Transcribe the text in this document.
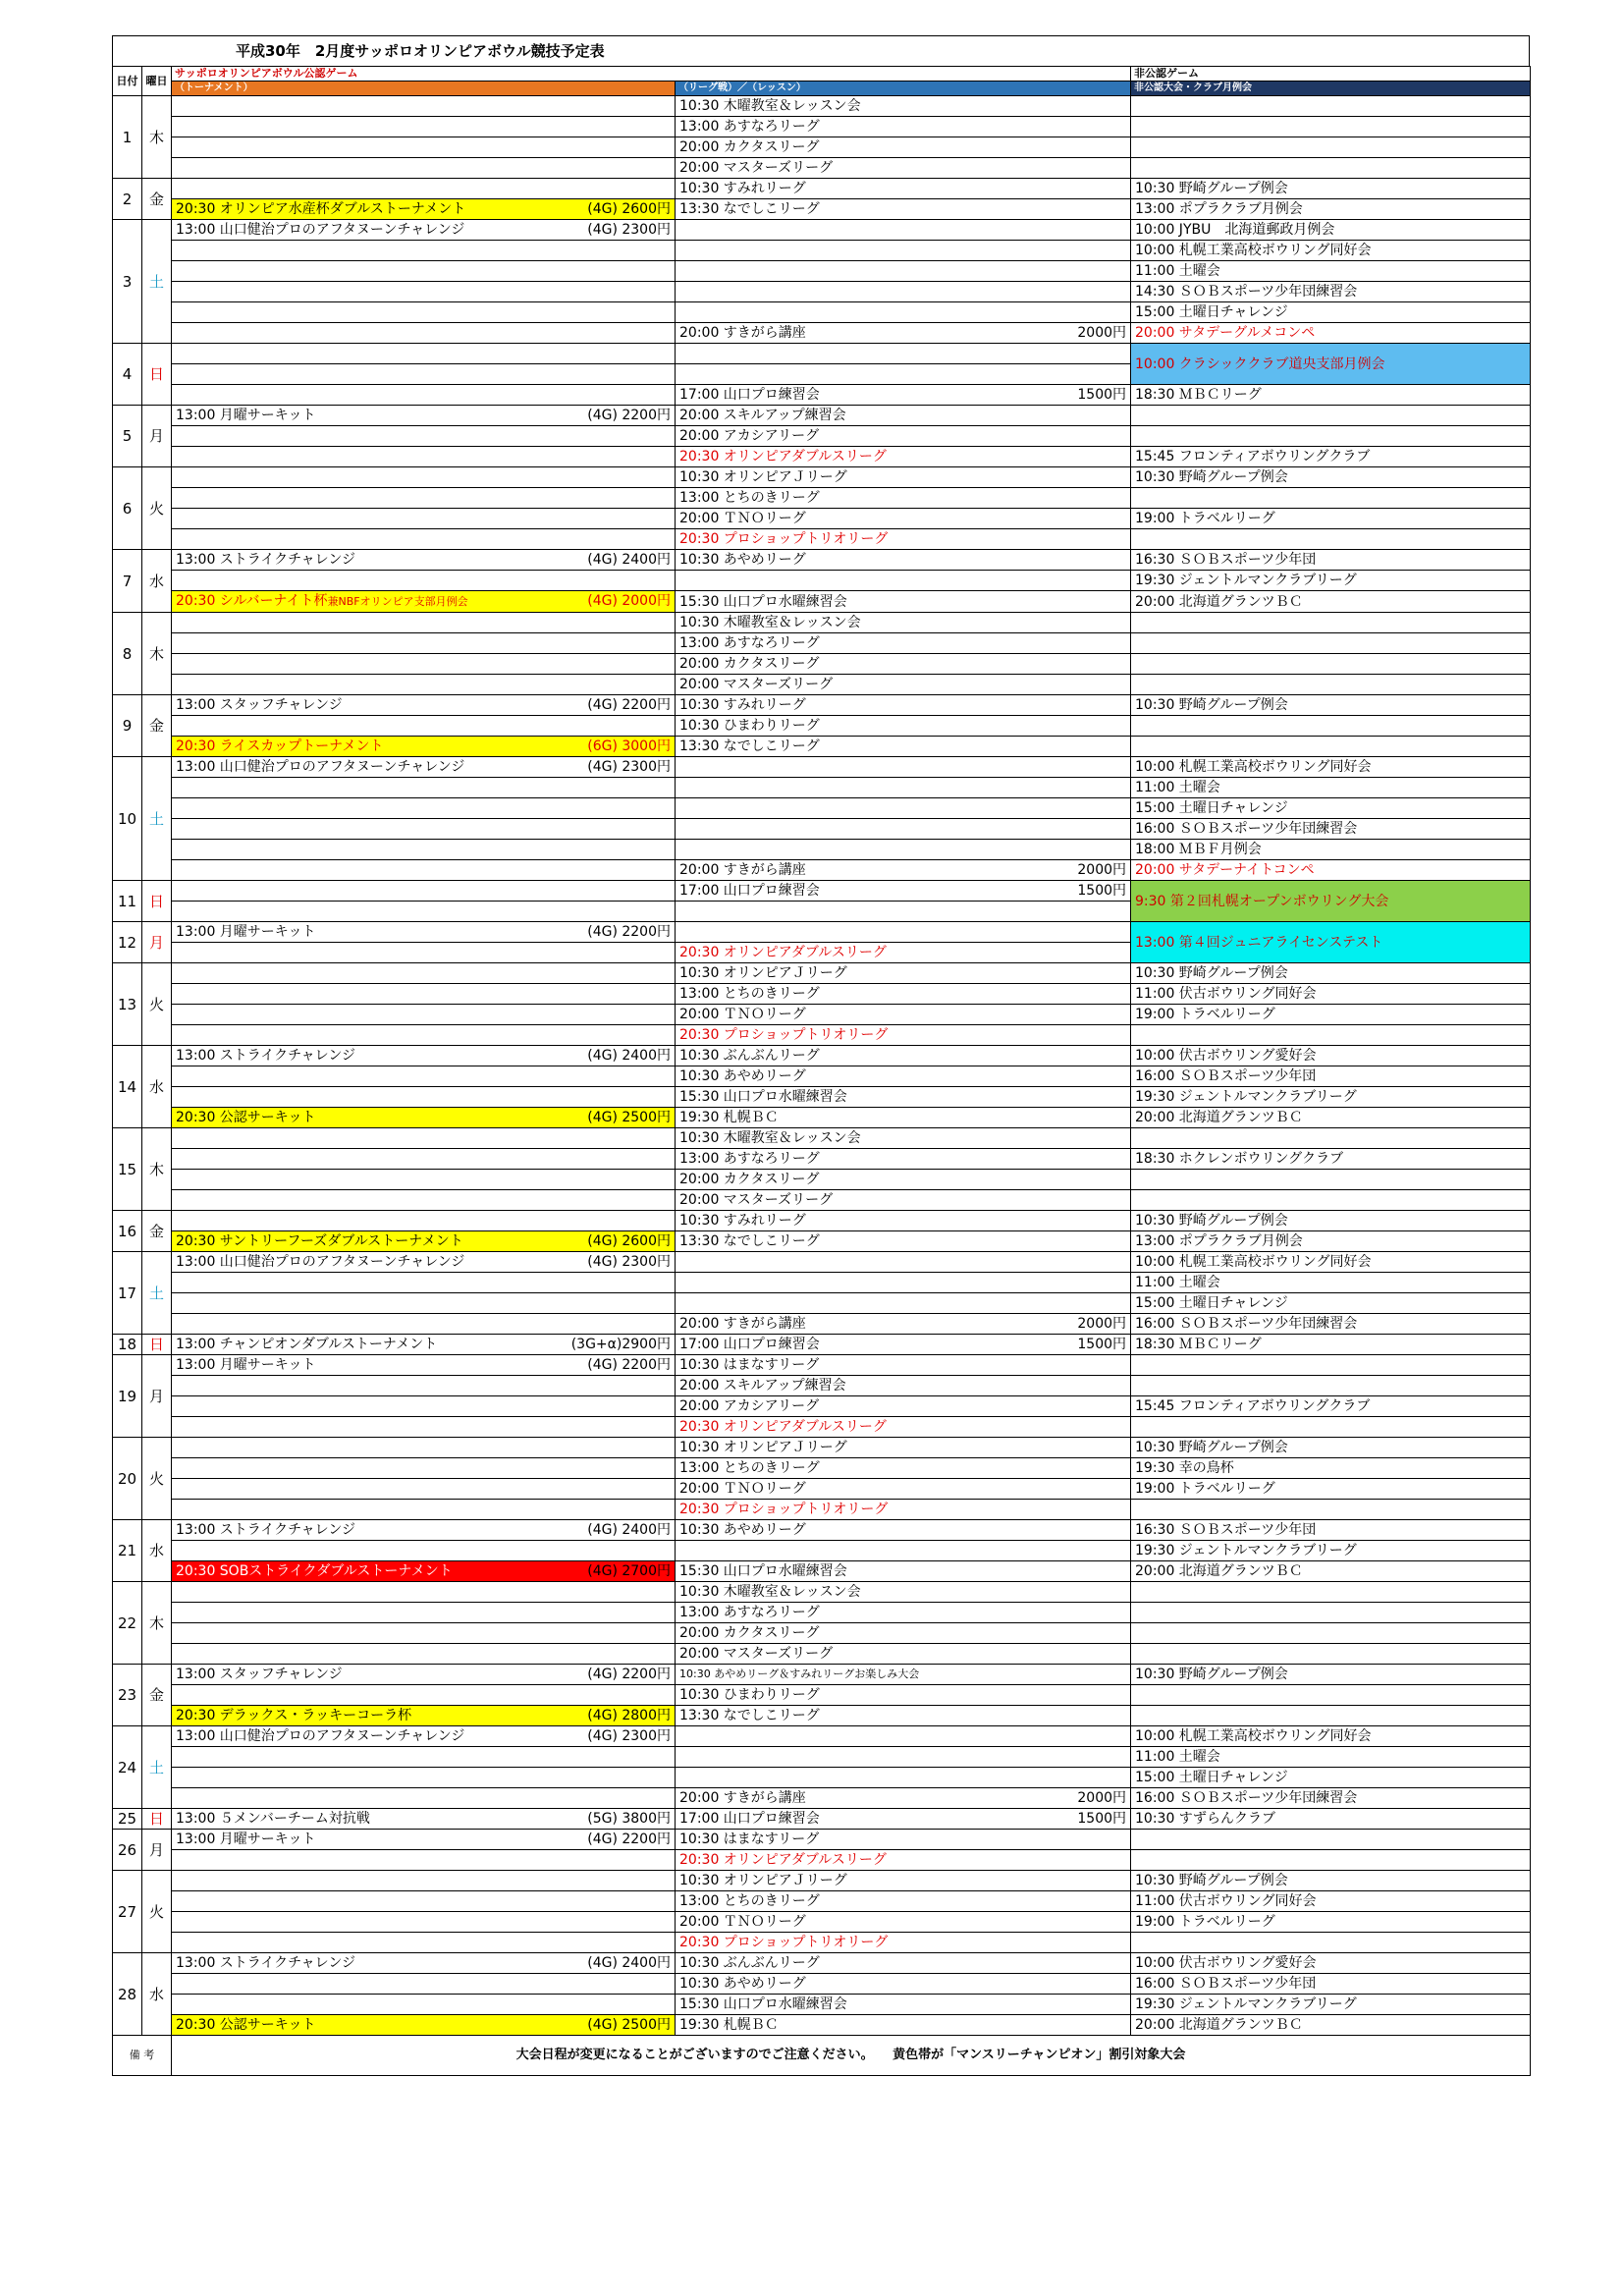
平成30年　2月度サッポロオリンピアボウル競技予定表
日付	曜日	サッポロオリンピアボウル公認ゲーム		非公認ゲーム
		（トーナメント）	（リーグ戦）／（レッスン）	非公認大会・クラブ月例会
1	木		10:30 木曜教室＆レッスン会	
			13:00 あすなろリーグ	
			20:00 カクタスリーグ	
			20:00 マスターズリーグ	
2	金		10:30 すみれリーグ	10:30 野崎グループ例会
		20:30 オリンピア水産杯ダブルストーナメント (4G) 2600円	13:30 なでしこリーグ	13:00 ポプラクラブ月例会
3	土	13:00 山口健治プロのアフタヌーンチャレンジ (4G) 2300円		10:00 JYBU　北海道郵政月例会
				10:00 札幌工業高校ボウリング同好会
				11:00 土曜会
				14:30 ＳＯＢスポーツ少年団練習会
				15:00 土曜日チャレンジ
			20:00 すきがら講座 2000円	20:00 サタデーグルメコンペ
4	日			10:00 クラシッククラブ道央支部月例会

			17:00 山口プロ練習会 1500円	18:30 ＭＢＣリーグ
5	月	13:00 月曜サーキット (4G) 2200円	20:00 スキルアップ練習会	
			20:00 アカシアリーグ	
			20:30 オリンピアダブルスリーグ	15:45 フロンティアボウリングクラブ
6	火		10:30 オリンピアＪリーグ	10:30 野崎グループ例会
			13:00 とちのきリーグ	
			20:00 ＴＮＯリーグ	19:00 トラベルリーグ
			20:30 プロショップトリオリーグ	
7	水	13:00 ストライクチャレンジ (4G) 2400円	10:30 あやめリーグ	16:30 ＳＯＢスポーツ少年団
				19:30 ジェントルマンクラブリーグ
		20:30 シルバーナイト杯兼NBFオリンピア支部月例会 (4G) 2000円	15:30 山口プロ水曜練習会	20:00 北海道グランツＢＣ
8	木		10:30 木曜教室＆レッスン会	
			13:00 あすなろリーグ	
			20:00 カクタスリーグ	
			20:00 マスターズリーグ	
9	金	13:00 スタッフチャレンジ (4G) 2200円	10:30 すみれリーグ	10:30 野崎グループ例会
			10:30 ひまわりリーグ	
		20:30 ライスカップトーナメント (6G) 3000円	13:30 なでしこリーグ	
10	土	13:00 山口健治プロのアフタヌーンチャレンジ (4G) 2300円		10:00 札幌工業高校ボウリング同好会
				11:00 土曜会
				15:00 土曜日チャレンジ
				16:00 ＳＯＢスポーツ少年団練習会
				18:00 ＭＢＦ月例会
			20:00 すきがら講座 2000円	20:00 サタデーナイトコンペ
11	日		17:00 山口プロ練習会 1500円	9:30 第２回札幌オープンボウリング大会

12	月	13:00 月曜サーキット (4G) 2200円		13:00 第４回ジュニアライセンステスト
			20:30 オリンピアダブルスリーグ	
13	火		10:30 オリンピアＪリーグ	10:30 野崎グループ例会
			13:00 とちのきリーグ	11:00 伏古ボウリング同好会
			20:00 ＴＮＯリーグ	19:00 トラベルリーグ
			20:30 プロショップトリオリーグ	
14	水	13:00 ストライクチャレンジ (4G) 2400円	10:30 ぶんぶんリーグ	10:00 伏古ボウリング愛好会
			10:30 あやめリーグ	16:00 ＳＯＢスポーツ少年団
			15:30 山口プロ水曜練習会	19:30 ジェントルマンクラブリーグ
		20:30 公認サーキット (4G) 2500円	19:30 札幌ＢＣ	20:00 北海道グランツＢＣ
15	木		10:30 木曜教室＆レッスン会	
			13:00 あすなろリーグ	18:30 ホクレンボウリングクラブ
			20:00 カクタスリーグ	
			20:00 マスターズリーグ	
16	金		10:30 すみれリーグ	10:30 野崎グループ例会
		20:30 サントリーフーズダブルストーナメント (4G) 2600円	13:30 なでしこリーグ	13:00 ポプラクラブ月例会
17	土	13:00 山口健治プロのアフタヌーンチャレンジ (4G) 2300円		10:00 札幌工業高校ボウリング同好会
				11:00 土曜会
				15:00 土曜日チャレンジ
			20:00 すきがら講座 2000円	16:00 ＳＯＢスポーツ少年団練習会
18	日	13:00 チャンピオンダブルストーナメント (3G+α)2900円	17:00 山口プロ練習会 1500円	18:30 ＭＢＣリーグ
19	月	13:00 月曜サーキット (4G) 2200円	10:30 はまなすリーグ	
			20:00 スキルアップ練習会	
			20:00 アカシアリーグ	15:45 フロンティアボウリングクラブ
			20:30 オリンピアダブルスリーグ	
20	火		10:30 オリンピアＪリーグ	10:30 野崎グループ例会
			13:00 とちのきリーグ	19:30 幸の鳥杯
			20:00 ＴＮＯリーグ	19:00 トラベルリーグ
			20:30 プロショップトリオリーグ	
21	水	13:00 ストライクチャレンジ (4G) 2400円	10:30 あやめリーグ	16:30 ＳＯＢスポーツ少年団
				19:30 ジェントルマンクラブリーグ
		20:30 SOBストライクダブルストーナメント (4G) 2700円	15:30 山口プロ水曜練習会	20:00 北海道グランツＢＣ
22	木		10:30 木曜教室＆レッスン会	
			13:00 あすなろリーグ	
			20:00 カクタスリーグ	
			20:00 マスターズリーグ	
23	金	13:00 スタッフチャレンジ (4G) 2200円	10:30 あやめリーグ＆すみれリーグお楽しみ大会	10:30 野崎グループ例会
			10:30 ひまわりリーグ	
		20:30 デラックス・ラッキーコーラ杯 (4G) 2800円	13:30 なでしこリーグ	
24	土	13:00 山口健治プロのアフタヌーンチャレンジ (4G) 2300円		10:00 札幌工業高校ボウリング同好会
				11:00 土曜会
				15:00 土曜日チャレンジ
			20:00 すきがら講座 2000円	16:00 ＳＯＢスポーツ少年団練習会
25	日	13:00 ５メンバーチーム対抗戦 (5G) 3800円	17:00 山口プロ練習会 1500円	10:30 すずらんクラブ
26	月	13:00 月曜サーキット (4G) 2200円	10:30 はまなすリーグ	
			20:30 オリンピアダブルスリーグ	
27	火		10:30 オリンピアＪリーグ	10:30 野崎グループ例会
			13:00 とちのきリーグ	11:00 伏古ボウリング同好会
			20:00 ＴＮＯリーグ	19:00 トラベルリーグ
			20:30 プロショップトリオリーグ	
28	水	13:00 ストライクチャレンジ (4G) 2400円	10:30 ぶんぶんリーグ	10:00 伏古ボウリング愛好会
			10:30 あやめリーグ	16:00 ＳＯＢスポーツ少年団
			15:30 山口プロ水曜練習会	19:30 ジェントルマンクラブリーグ
		20:30 公認サーキット (4G) 2500円	19:30 札幌ＢＣ	20:00 北海道グランツＢＣ
備 考		大会日程が変更になることがございますのでご注意ください。　　黄色帯が「マンスリーチャンピオン」割引対象大会		
